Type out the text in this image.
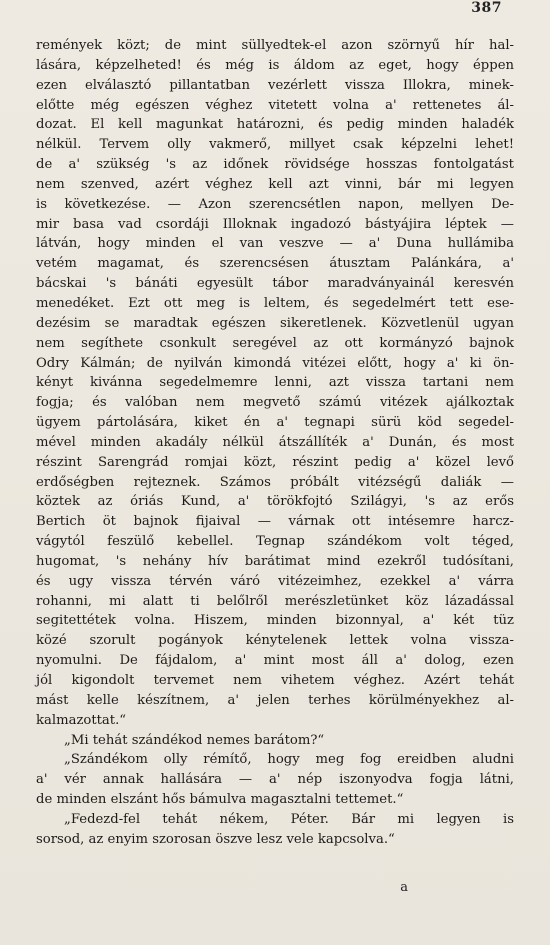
387
remények közt; de mint süllyedtek-el azon szörnyű hír hal-
lására, képzelheted! és még is áldom az eget, hogy éppen
ezen elválasztó pillantatban vezérlett vissza Illokra, minek-
előtte még egészen véghez vitetett volna a' rettenetes ál-
dozat. El kell magunkat határozni, és pedig minden haladék
nélkül. Tervem olly vakmerő, millyet csak képzelni lehet!
de a' szükség 's az időnek rövidsége hosszas fontolgatást
nem szenved, azért véghez kell azt vinni, bár mi legyen
is következése. — Azon szerencsétlen napon, mellyen De-
mir basa vad csordáji Illoknak ingadozó bástyájira léptek —
látván, hogy minden el van veszve — a' Duna hullámiba
vetém magamat, és szerencsésen átusztam Palánkára, a'
bácskai 's bánáti egyesült tábor maradványainál keresvén
menedéket. Ezt ott meg is leltem, és segedelmért tett ese-
dezésim se maradtak egészen sikeretlenek. Közvetlenül ugyan
nem segíthete csonkult seregével az ott kormányzó bajnok
Odry Kálmán; de nyilván kimondá vitézei előtt, hogy a' ki ön-
kényt kivánna segedelmemre lenni, azt vissza tartani nem
fogja; és valóban nem megvető számú vitézek ajálkoztak
ügyem pártolására, kiket én a' tegnapi sürü köd segedel-
mével minden akadály nélkül átszállíték a' Dunán, és most
részint Sarengrád romjai közt, részint pedig a' közel levő
erdőségben rejteznek. Számos próbált vitézségű daliák —
köztek az óriás Kund, a' törökfojtó Szilágyi, 's az erős
Bertich öt bajnok fijaival — várnak ott intésemre harcz-
vágytól feszülő kebellel. Tegnap szándékom volt téged,
hugomat, 's nehány hív barátimat mind ezekről tudósítani,
és ugy vissza térvén váró vitézeimhez, ezekkel a' várra
rohanni, mi alatt ti belőlről merészletünket köz lázadással
segitettétek volna. Hiszem, minden bizonnyal, a' két tüz
közé szorult pogányok kénytelenek lettek volna vissza-
nyomulni. De fájdalom, a' mint most áll a' dolog, ezen
jól kigondolt tervemet nem vihetem véghez. Azért tehát
mást kelle készítnem, a' jelen terhes körülményekhez al-
kalmazottat.“
„Mi tehát szándékod nemes barátom?“
„Szándékom olly rémítő, hogy meg fog ereidben aludni
a' vér annak hallására — a' nép iszonyodva fogja látni,
de minden elszánt hős bámulva magasztalni tettemet.“
„Fedezd-fel tehát nékem, Péter. Bár mi legyen is
sorsod, az enyim szorosan öszve lesz vele kapcsolva.“
a
